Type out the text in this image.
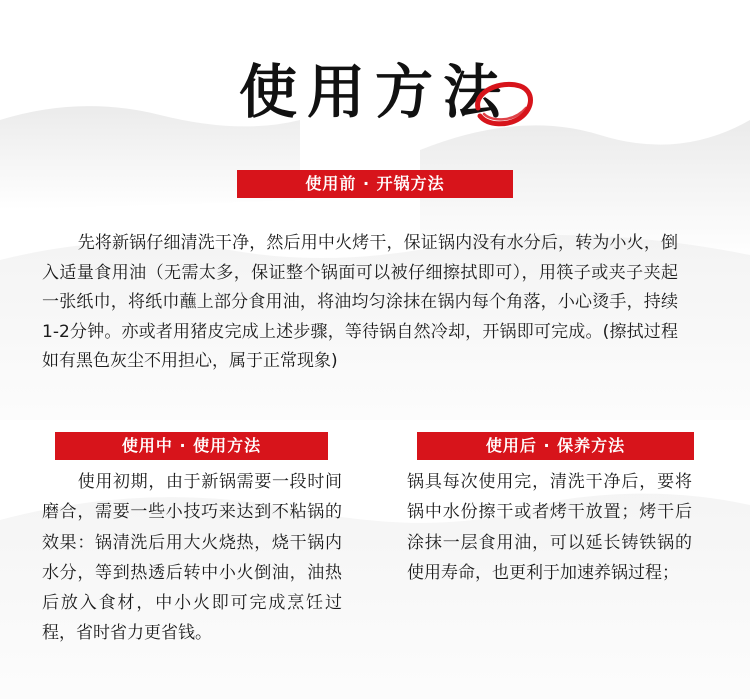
使用方法
使用前 · 开锅方法
先将新锅仔细清洗干净，然后用中火烤干，保证锅内没有水分后，转为小火，倒入适量食用油（无需太多，保证整个锅面可以被仔细擦拭即可），用筷子或夹子夹起一张纸巾，将纸巾蘸上部分食用油，将油均匀涂抹在锅内每个角落，小心烫手，持续1-2分钟。亦或者用猪皮完成上述步骤，等待锅自然冷却，开锅即可完成。(擦拭过程如有黑色灰尘不用担心，属于正常现象)
使用中 · 使用方法
使用初期，由于新锅需要一段时间磨合，需要一些小技巧来达到不粘锅的效果：锅清洗后用大火烧热，烧干锅内水分，等到热透后转中小火倒油，油热后放入食材，中小火即可完成烹饪过程，省时省力更省钱。
使用后 · 保养方法
锅具每次使用完，清洗干净后，要将锅中水份擦干或者烤干放置；烤干后涂抹一层食用油，可以延长铸铁锅的使用寿命，也更利于加速养锅过程；
